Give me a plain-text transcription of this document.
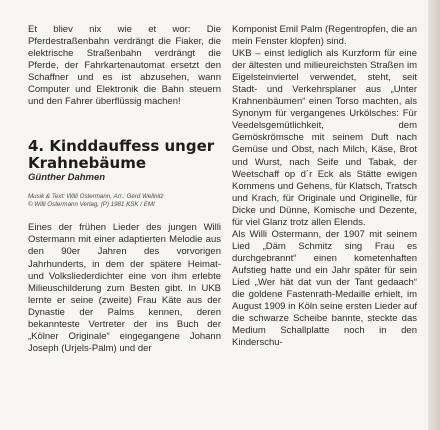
Et bliev nix wie et wor: Die Pferdestraßenbahn verdrängt die Fiaker, die elektrische Straßenbahn verdrängt die Pferde, der Fahrkartenautomat ersetzt den Schaffner und es ist abzusehen, wann Computer und Elektronik die Bahn steuern und den Fahrer überflüssig machen!

4. Kinddauffess unger Krahnebäume
Günther Dahmen
Musik & Text: Willi Ostermann, Arr.: Gerd Wellnitz
© Willi Ostermann Verlag, (P) 1981 KSK / EMI

Eines der frühen Lieder des jungen Willi Ostermann mit einer adaptierten Melodie aus den 90er Jahren des vorvorigen Jahrhunderts, in dem der spätere Heimat- und Volksliederdichter eine von ihm erlebte Milieuschilderung zum Besten gibt. In UKB lernte er seine (zweite) Frau Käte aus der Dynastie der Palms kennen, deren bekannteste Vertreter der ins Buch der „Kölner Originale“ eingegangene Johann Joseph (Urjels-Palm) und der

Komponist Emil Palm (Regentropfen, die an mein Fenster klopfen) sind.

UKB – einst lediglich als Kurzform für eine der ältesten und milieureichsten Straßen im Eigelsteinviertel verwendet, steht, seit Stadt- und Verkehrsplaner aus „Unter Krahnenbäumen“ einen Torso machten, als Synonym für vergangenes Urkölsches: Für Veedelsgemütlichkeit, dem Gemöskrömsche mit seinem Duft nach Gemüse und Obst, nach Milch, Käse, Brot und Wurst, nach Seife und Tabak, der Weetschaff op d´r Eck als Stätte ewigen Kommens und Gehens, für Klatsch, Tratsch und Krach, für Originale und Originelle, für Dicke und Dünne, Komische und Dezente, für viel Glanz trotz allen Elends.

Als Willi Ostermann, der 1907 mit seinem Lied „Däm Schmitz sing Frau es durchgebrannt“ einen kometenhaften Aufstieg hatte und ein Jahr später für sein Lied „Wer hät dat vun der Tant gedaach“ die goldene Fastenrath-Medaille erhielt, im August 1909 in Köln seine ersten Lieder auf die schwarze Scheibe bannte, steckte das Medium Schallplatte noch in den Kinderschu-
